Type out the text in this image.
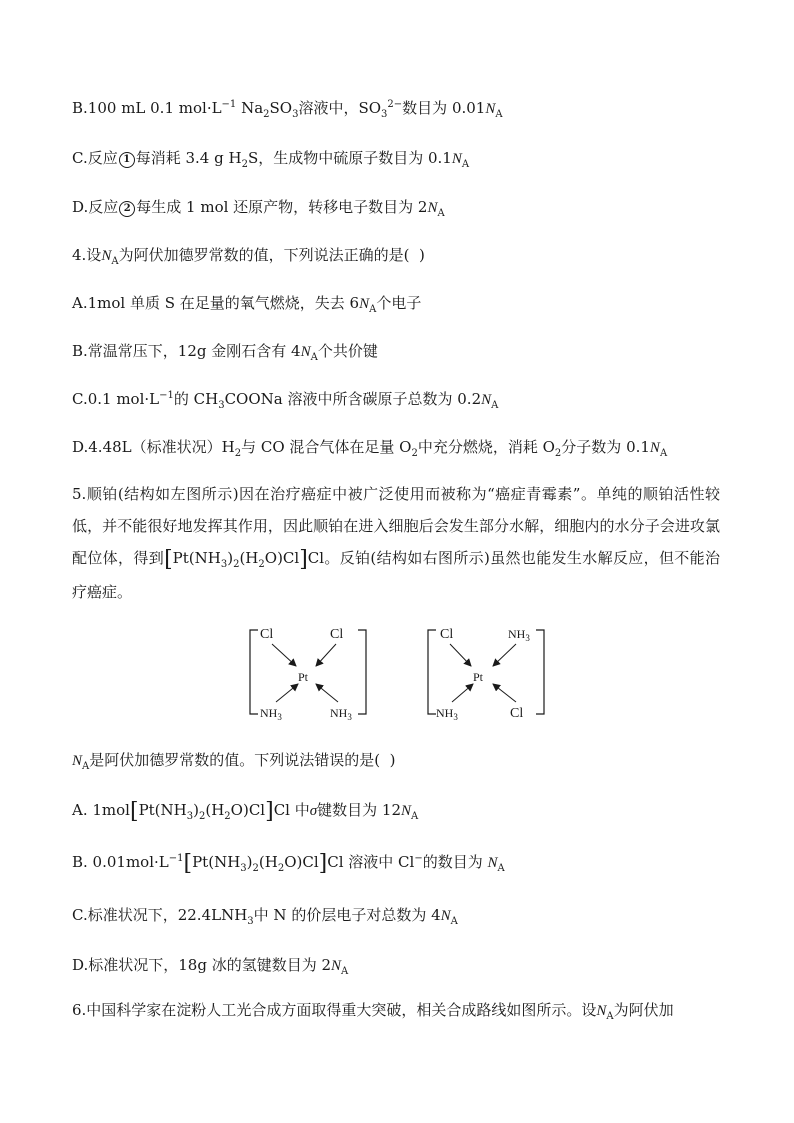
B.100 mL 0.1 $mol\cdot L^{-1}$ $Na_2SO_3$溶液中，$SO_3^{2-}$数目为 $0.01N_A$
C.反应 1 每消耗 3.4 g $H_2S$，生成物中硫原子数目为 $0.1N_A$
D.反应 2 每生成 1 mol 还原产物，转移电子数目为 $2N_A$
4.设$N_A$为阿伏加德罗常数的值，下列说法正确的是(  )
A.1mol 单质 S 在足量的氧气燃烧，失去 $6N_A$个电子
B.常温常压下，12g 金刚石含有 $4N_A$个共价键
C.0.1 $mol\cdot L^{-1}$的 $CH_3COONa$ 溶液中所含碳原子总数为 $0.2N_A$
D.4.48L（标准状况）$H_2$与 CO 混合气体在足量 $O_2$中充分燃烧，消耗 $O_2$分子数为 $0.1N_A$
5.顺铂(结构如左图所示)因在治疗癌症中被广泛使用而被称为“癌症青霉素”。单纯的顺铂活性较低，并不能很好地发挥其作用，因此顺铂在进入细胞后会发生部分水解，细胞内的水分子会进攻氯配位体，得到$[Pt(NH_3)_2(H_2O)Cl]Cl$。反铂(结构如右图所示)虽然也能发生水解反应，但不能治疗癌症。
Cl	Cl
Pt
$NH_3$	$NH_3$
Cl	$NH_3$
Pt
$NH_3$	Cl
$N_A$是阿伏加德罗常数的值。下列说法错误的是(  )
A. $1mol[Pt(NH_3)_2(H_2O)Cl]Cl$ 中σ键数目为 $12N_A$
B. $0.01mol\cdot L^{-1}[Pt(NH_3)_2(H_2O)Cl]Cl$ 溶液中 Cl−的数目为 $N_A$
C.标准状况下，$22.4LNH_3$中 N 的价层电子对总数为 $4N_A$
D.标准状况下，18g 冰的氢键数目为 $2N_A$
6.中国科学家在淀粉人工光合成方面取得重大突破，相关合成路线如图所示。设$N_A$为阿伏加
